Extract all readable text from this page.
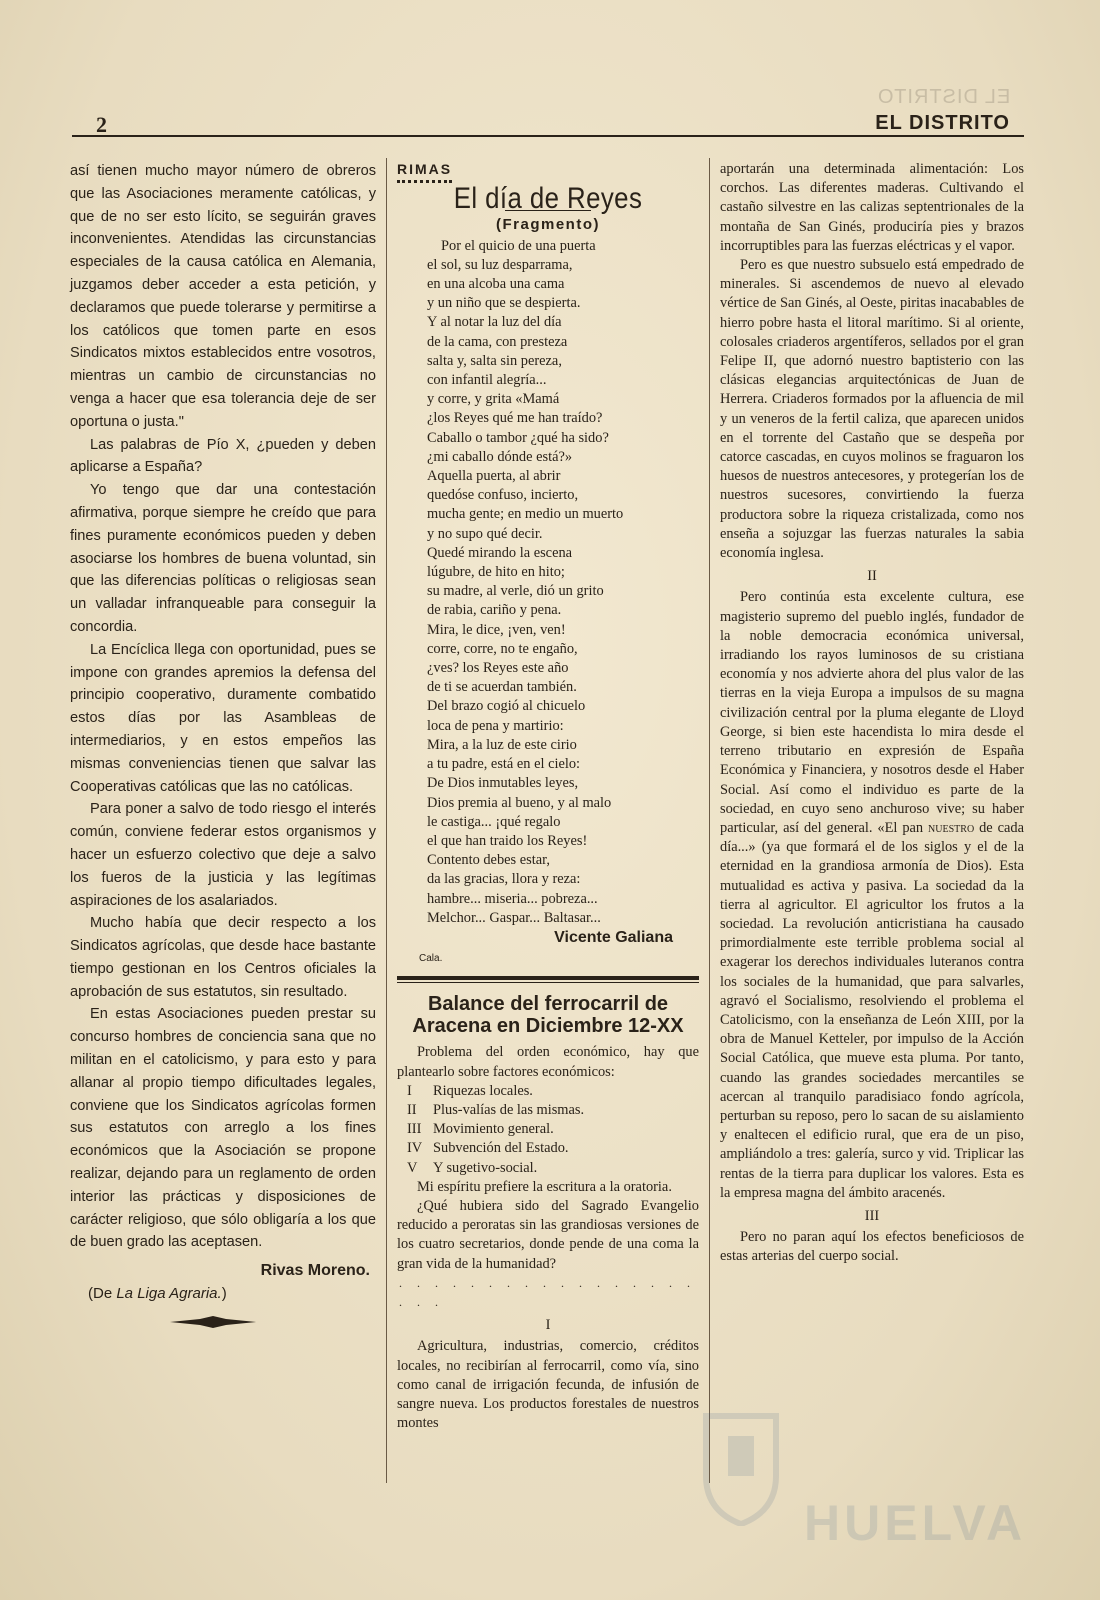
2
EL DISTRITO
EL DISTRITO

así tienen mucho mayor número de obreros que las Asociaciones meramente católicas, y que de no ser esto lícito, se seguirán graves inconvenientes. Atendidas las circunstancias especiales de la causa católica en Alemania, juzgamos deber acceder a esta petición, y declaramos que puede tolerarse y permitirse a los católicos que tomen parte en esos Sindicatos mixtos establecidos entre vosotros, mientras un cambio de circunstancias no venga a hacer que esa tolerancia deje de ser oportuna o justa."

Las palabras de Pío X, ¿pueden y deben aplicarse a España?

Yo tengo que dar una contestación afirmativa, porque siempre he creído que para fines puramente económicos pueden y deben asociarse los hombres de buena voluntad, sin que las diferencias políticas o religiosas sean un valladar infranqueable para conseguir la concordia.

La Encíclica llega con oportunidad, pues se impone con grandes apremios la defensa del principio cooperativo, duramente combatido estos días por las Asambleas de intermediarios, y en estos empeños las mismas conveniencias tienen que salvar las Cooperativas católicas que las no católicas.

Para poner a salvo de todo riesgo el interés común, conviene federar estos organismos y hacer un esfuerzo colectivo que deje a salvo los fueros de la justicia y las legítimas aspiraciones de los asalariados.

Mucho había que decir respecto a los Sindicatos agrícolas, que desde hace bastante tiempo gestionan en los Centros oficiales la aprobación de sus estatutos, sin resultado.

En estas Asociaciones pueden prestar su concurso hombres de conciencia sana que no militan en el catolicismo, y para esto y para allanar al propio tiempo dificultades legales, conviene que los Sindicatos agrícolas formen sus estatutos con arreglo a los fines económicos que la Asociación se propone realizar, dejando para un reglamento de orden interior las prácticas y disposiciones de carácter religioso, que sólo obligaría a los que de buen grado las aceptasen.

Rivas Moreno.

(De La Liga Agraria.)

RIMAS
El día de Reyes
(Fragmento)
Por el quicio de una puerta
el sol, su luz desparrama,
en una alcoba una cama
y un niño que se despierta.
Y al notar la luz del día
de la cama, con presteza
salta y, salta sin pereza,
con infantil alegría...
y corre, y grita «Mamá
¿los Reyes qué me han traído?
Caballo o tambor ¿qué ha sido?
¿mi caballo dónde está?»
Aquella puerta, al abrir
quedóse confuso, incierto,
mucha gente; en medio un muerto
y no supo qué decir.
Quedé mirando la escena
lúgubre, de hito en hito;
su madre, al verle, dió un grito
de rabia, cariño y pena.
Mira, le dice, ¡ven, ven!
corre, corre, no te engaño,
¿ves? los Reyes este año
de ti se acuerdan también.
Del brazo cogió al chicuelo
loca de pena y martirio:
Mira, a la luz de este cirio
a tu padre, está en el cielo:
De Dios inmutables leyes,
Dios premia al bueno, y al malo
le castiga... ¡qué regalo
el que han traido los Reyes!
Contento debes estar,
da las gracias, llora y reza:
hambre... miseria... pobreza...
Melchor... Gaspar... Baltasar...
Vicente Galiana
Cala.
Balance del ferrocarril de Aracena en Diciembre 12-XX

Problema del orden económico, hay que plantearlo sobre factores económicos:

I	Riquezas locales.
II	Plus-valías de las mismas.
III Movimiento general.
IV Subvención del Estado.
V	Y sugetivo-social.

Mi espíritu prefiere la escritura a la oratoria.

¿Qué hubiera sido del Sagrado Evangelio reducido a peroratas sin las grandiosas versiones de los cuatro secretarios, donde pende de una coma la gran vida de la humanidad?

. . . . . . . . . . . . . . . . . . . .
I

Agricultura, industrias, comercio, créditos locales, no recibirían al ferrocarril, como vía, sino como canal de irrigación fecunda, de infusión de sangre nueva. Los productos forestales de nuestros montes

aportarán una determinada alimentación: Los corchos. Las diferentes maderas. Cultivando el castaño silvestre en las calizas septentrionales de la montaña de San Ginés, produciría pies y brazos incorruptibles para las fuerzas eléctricas y el vapor.

Pero es que nuestro subsuelo está empedrado de minerales. Si ascendemos de nuevo al elevado vértice de San Ginés, al Oeste, piritas inacabables de hierro pobre hasta el litoral marítimo. Si al oriente, colosales criaderos argentíferos, sellados por el gran Felipe II, que adornó nuestro baptisterio con las clásicas elegancias arquitectónicas de Juan de Herrera. Criaderos formados por la afluencia de mil y un veneros de la fertil caliza, que aparecen unidos en el torrente del Castaño que se despeña por catorce cascadas, en cuyos molinos se fraguaron los huesos de nuestros antecesores, y protegerían los de nuestros sucesores, convirtiendo la fuerza productora sobre la riqueza cristalizada, como nos enseña a sojuzgar las fuerzas naturales la sabia economía inglesa.

II

Pero continúa esta excelente cultura, ese magisterio supremo del pueblo inglés, fundador de la noble democracia económica universal, irradiando los rayos luminosos de su cristiana economía y nos advierte ahora del plus valor de las tierras en la vieja Europa a impulsos de su magna civilización central por la pluma elegante de Lloyd George, si bien este hacendista lo mira desde el terreno tributario en expresión de España Económica y Financiera, y nosotros desde el Haber Social. Así como el individuo es parte de la sociedad, en cuyo seno anchuroso vive; su haber particular, así del general. «El pan nuestro de cada día...» (ya que formará el de los siglos y el de la eternidad en la grandiosa armonía de Dios). Esta mutualidad es activa y pasiva. La sociedad da la tierra al agricultor. El agricultor los frutos a la sociedad. La revolución anticristiana ha causado primordialmente este terrible problema social al exagerar los derechos individuales luteranos contra los sociales de la humanidad, que para salvarles, agravó el Socialismo, resolviendo el problema el Catolicismo, con la enseñanza de León XIII, por la obra de Manuel Ketteler, por impulso de la Acción Social Católica, que mueve esta pluma. Por tanto, cuando las grandes sociedades mercantiles se acercan al tranquilo paradisiaco fondo agrícola, perturban su reposo, pero lo sacan de su aislamiento y enaltecen el edificio rural, que era de un piso, ampliándolo a tres: galería, surco y vid. Triplicar las rentas de la tierra para duplicar los valores. Esta es la empresa magna del ámbito aracenés.

III

Pero no paran aquí los efectos beneficiosos de estas arterias del cuerpo social.

HUELVA
